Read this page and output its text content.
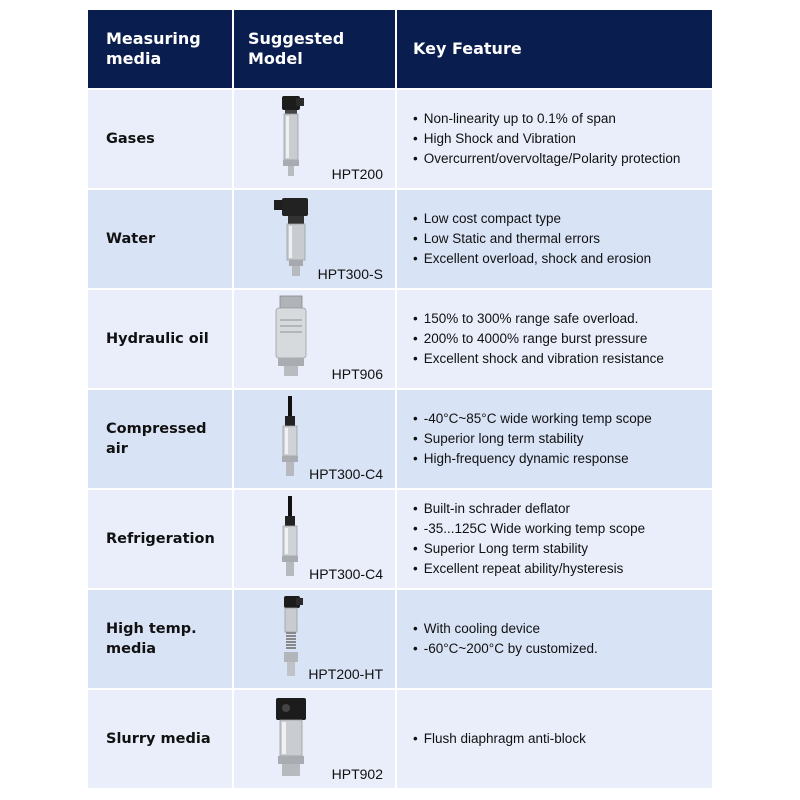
Measuring
media
Suggested
Model
Key Feature
Gases
HPT200
• Non-linearity up to 0.1% of span
• High Shock and Vibration
• Overcurrent/overvoltage/Polarity protection
Water
HPT300-S
• Low cost compact type
• Low Static and thermal errors
• Excellent overload, shock and erosion
Hydraulic oil
HPT906
• 150% to 300% range safe overload.
• 200% to 4000% range burst pressure
• Excellent shock and vibration resistance
Compressed air
HPT300-C4
• -40°C~85°C wide working temp scope
• Superior long term stability
• High-frequency dynamic response
Refrigeration
HPT300-C4
• Built-in schrader deflator
• -35...125C Wide working temp scope
• Superior Long term stability
• Excellent repeat ability/hysteresis
High temp.
media
HPT200-HT
• With cooling device
• -60°C~200°C by customized.
Slurry media
HPT902
• Flush diaphragm anti-block
